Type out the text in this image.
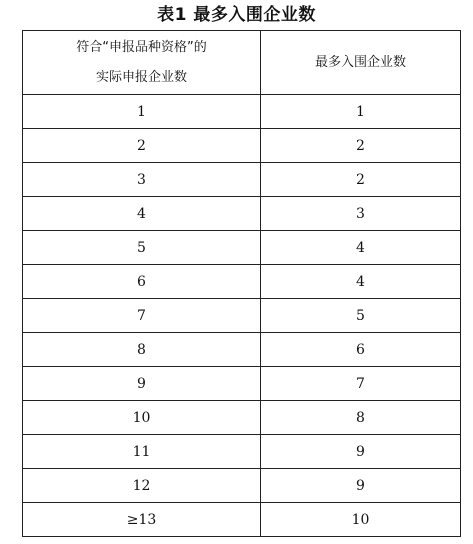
表1 最多入围企业数
符合“申报品种资格”的
实际申报企业数	最多入围企业数
1	1
2	2
3	2
4	3
5	4
6	4
7	5
8	6
9	7
10	8
11	9
12	9
≥13	10
